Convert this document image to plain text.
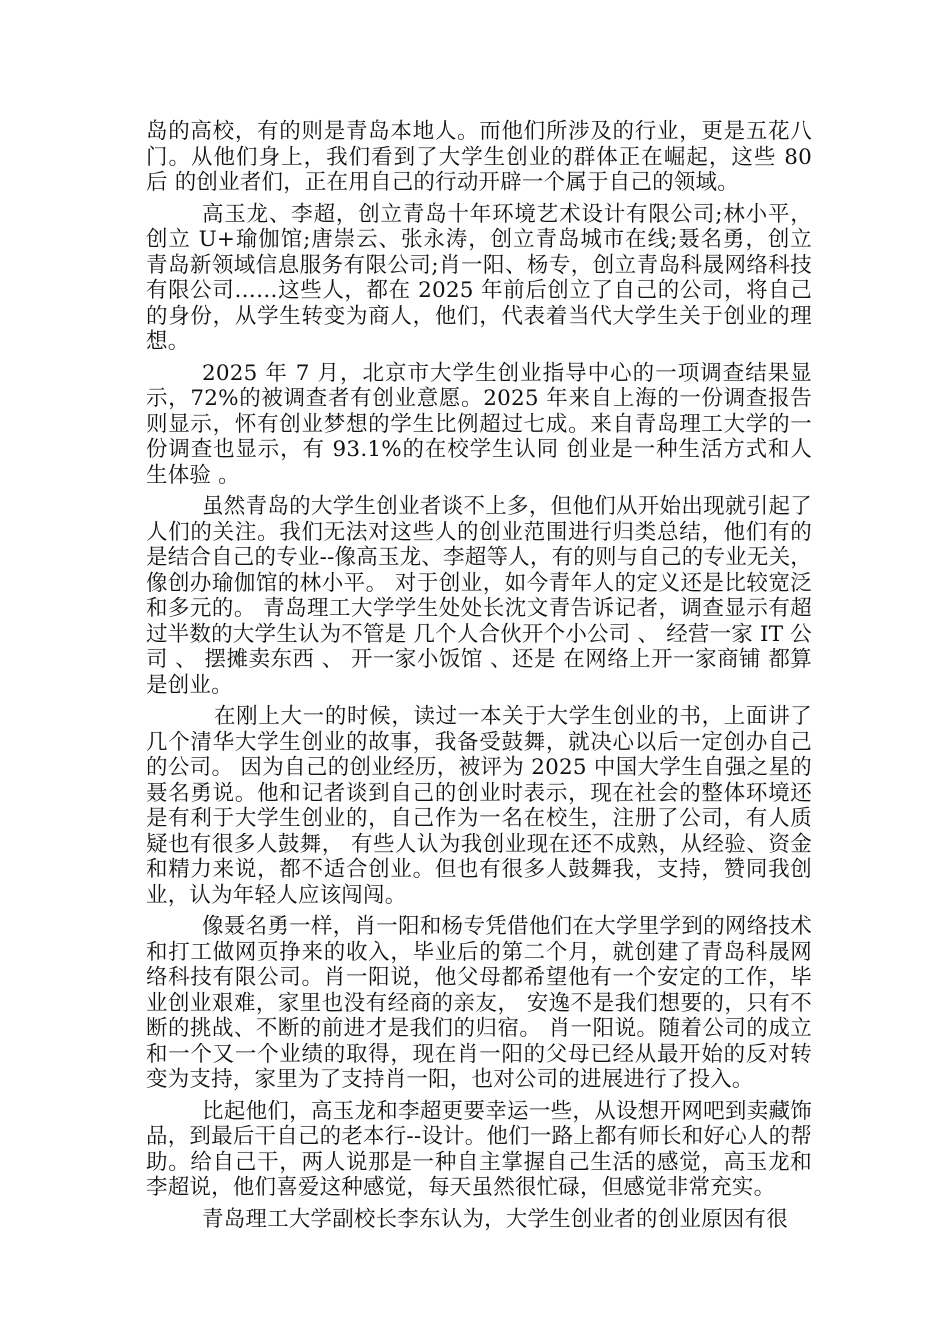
岛的高校，有的则是青岛本地人。而他们所涉及的行业，更是五花八门。从他们身上，我们看到了大学生创业的群体正在崛起，这些 80 后 的创业者们，正在用自己的行动开辟一个属于自己的领域。

高玉龙、李超，创立青岛十年环境艺术设计有限公司;林小平，创立 U+瑜伽馆;唐崇云、张永涛，创立青岛城市在线;聂名勇，创立青岛新领域信息服务有限公司;肖一阳、杨专，创立青岛科晟网络科技有限公司……这些人，都在 2025 年前后创立了自己的公司，将自己的身份，从学生转变为商人，他们，代表着当代大学生关于创业的理想。

2025 年 7 月，北京市大学生创业指导中心的一项调查结果显示，72%的被调查者有创业意愿。2025 年来自上海的一份调查报告则显示，怀有创业梦想的学生比例超过七成。来自青岛理工大学的一份调查也显示，有 93.1%的在校学生认同 创业是一种生活方式和人生体验 。

虽然青岛的大学生创业者谈不上多，但他们从开始出现就引起了人们的关注。我们无法对这些人的创业范围进行归类总结，他们有的是结合自己的专业--像高玉龙、李超等人，有的则与自己的专业无关，像创办瑜伽馆的林小平。 对于创业，如今青年人的定义还是比较宽泛和多元的。 青岛理工大学学生处处长沈文青告诉记者，调查显示有超过半数的大学生认为不管是 几个人合伙开个小公司 、 经营一家 IT 公司 、 摆摊卖东西 、 开一家小饭馆 、还是 在网络上开一家商铺 都算是创业。

在刚上大一的时候，读过一本关于大学生创业的书，上面讲了几个清华大学生创业的故事，我备受鼓舞，就决心以后一定创办自己的公司。 因为自己的创业经历，被评为 2025 中国大学生自强之星的聂名勇说。他和记者谈到自己的创业时表示，现在社会的整体环境还是有利于大学生创业的，自己作为一名在校生，注册了公司，有人质疑也有很多人鼓舞， 有些人认为我创业现在还不成熟，从经验、资金和精力来说，都不适合创业。但也有很多人鼓舞我，支持，赞同我创业，认为年轻人应该闯闯。

像聂名勇一样，肖一阳和杨专凭借他们在大学里学到的网络技术和打工做网页挣来的收入，毕业后的第二个月，就创建了青岛科晟网络科技有限公司。肖一阳说，他父母都希望他有一个安定的工作，毕业创业艰难，家里也没有经商的亲友， 安逸不是我们想要的，只有不断的挑战、不断的前进才是我们的归宿。 肖一阳说。随着公司的成立和一个又一个业绩的取得，现在肖一阳的父母已经从最开始的反对转变为支持，家里为了支持肖一阳，也对公司的进展进行了投入。

比起他们，高玉龙和李超更要幸运一些，从设想开网吧到卖藏饰品，到最后干自己的老本行--设计。他们一路上都有师长和好心人的帮助。给自己干，两人说那是一种自主掌握自己生活的感觉，高玉龙和李超说，他们喜爱这种感觉，每天虽然很忙碌，但感觉非常充实。

青岛理工大学副校长李东认为，大学生创业者的创业原因有很
